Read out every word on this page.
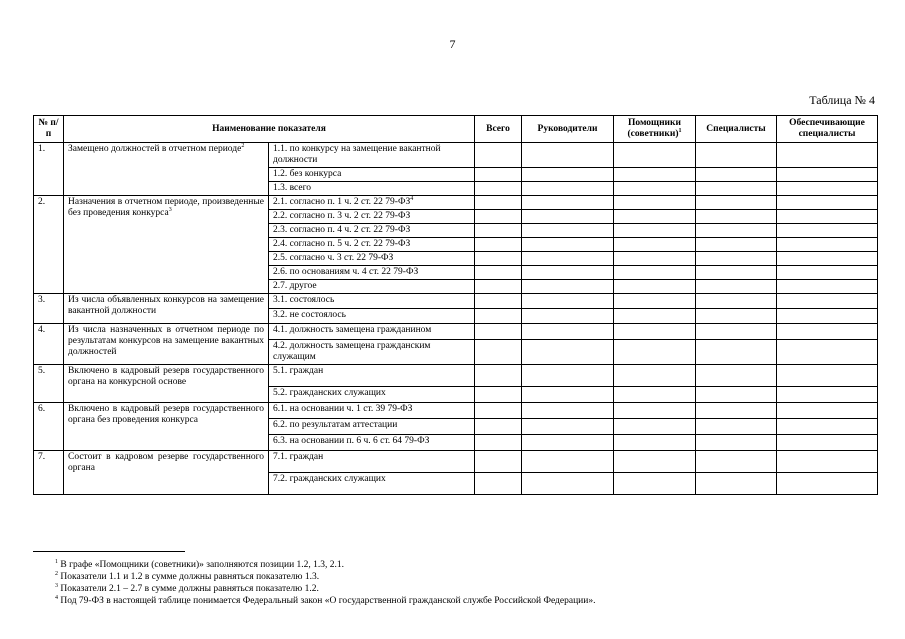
7
Таблица № 4
№ п/п	Наименование показателя		Всего	Руководители	Помощники (советники)$^1$	Специалисты	Обеспечивающие специалисты
1.	Замещено должностей в отчетном периоде$^2$	1.1. по конкурсу на замещение вакантной должности					
		1.2. без конкурса					
		1.3. всего					
2.	Назначения в отчетном периоде, произведенные без проведения конкурса$^3$	2.1. согласно п. 1 ч. 2 ст. 22 $79-ФЗ^4$					
		2.2. согласно п. 3 ч. 2 ст. 22 79-ФЗ					
		2.3. согласно п. 4 ч. 2 ст. 22 79-ФЗ					
		2.4. согласно п. 5 ч. 2 ст. 22 79-ФЗ					
		2.5. согласно ч. 3 ст. 22 79-ФЗ					
		2.6. по основаниям ч. 4 ст. 22 79-ФЗ					
		2.7. другое					
3.	Из числа объявленных конкурсов на замещение вакантной должности	3.1. состоялось					
		3.2. не состоялось					
4.	Из числа назначенных в отчетном периоде по результатам конкурсов на замещение вакантных должностей	4.1. должность замещена гражданином					
		4.2. должность замещена гражданским служащим					
5.	Включено в кадровый резерв государственного органа на конкурсной основе	5.1. граждан					
		5.2. гражданских служащих					
6.	Включено в кадровый резерв государственного органа без проведения конкурса	6.1. на основании ч. 1 ст. 39 79-ФЗ					
		6.2. по результатам аттестации					
		6.3. на основании п. 6 ч. 6 ст. 64 79-ФЗ					
7.	Состоит в кадровом резерве государственного органа	7.1. граждан					
		7.2. гражданских служащих					
$^1$ В графе «Помощники (советники)» заполняются позиции 1.2, 1.3, 2.1.
$^2$ Показатели 1.1 и 1.2 в сумме должны равняться показателю 1.3.
$^3$ Показатели 2.1 – 2.7 в сумме должны равняться показателю 1.2.
$^4$ Под 79-ФЗ в настоящей таблице понимается Федеральный закон «О государственной гражданской службе Российской Федерации».
